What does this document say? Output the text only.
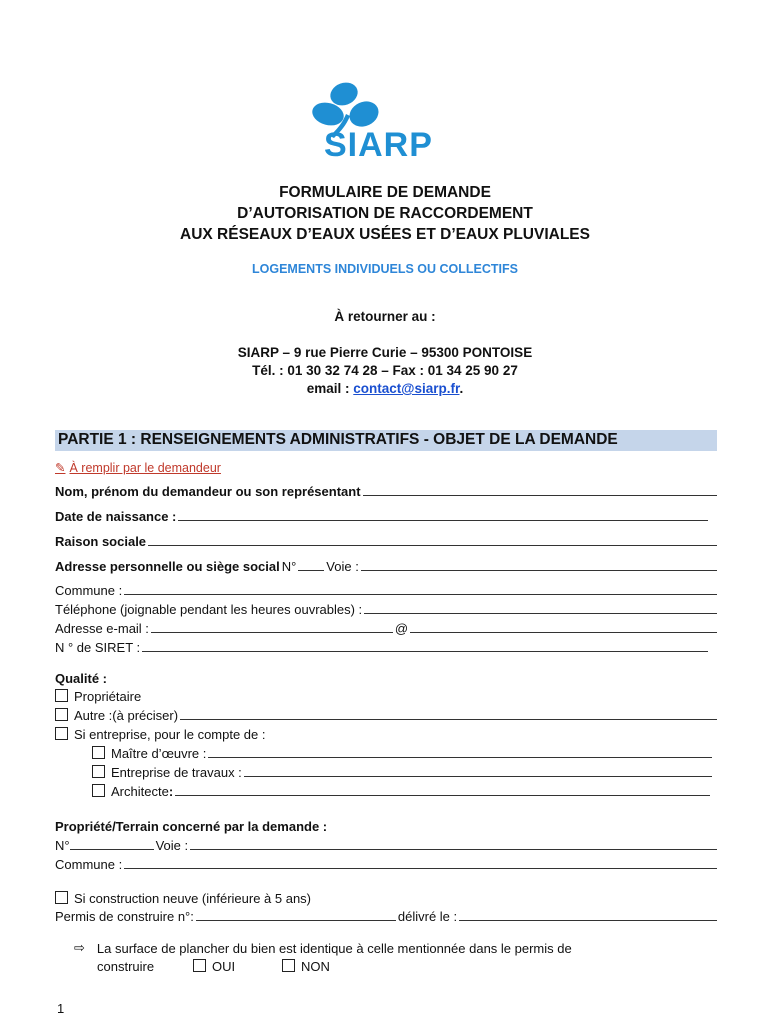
SIARP
FORMULAIRE DE DEMANDE
D’AUTORISATION DE RACCORDEMENT
AUX RÉSEAUX D’EAUX USÉES ET D’EAUX PLUVIALES
LOGEMENTS INDIVIDUELS OU COLLECTIFS
À retourner au :
SIARP – 9 rue Pierre Curie – 95300 PONTOISE
Tél. : 01 30 32 74 28 – Fax : 01 34 25 90 27
email : contact@siarp.fr.
PARTIE 1 : RENSEIGNEMENTS ADMINISTRATIFS - OBJET DE LA DEMANDE
✎ À remplir par le demandeur
Nom, prénom du demandeur ou son représentant
Date de naissance :
Raison sociale
Adresse personnelle ou siège social N° Voie :
Commune :
Téléphone (joignable pendant les heures ouvrables) :
Adresse e-mail :	@
N ° de SIRET :
Qualité :
Propriétaire
Autre :(à préciser)
Si entreprise, pour le compte de :
Maître d’œuvre :
Entreprise de travaux :
Architecte :
Propriété/Terrain concerné par la demande :
N°	Voie :
Commune :
Si construction neuve (inférieure à 5 ans)
Permis de construire n°:	délivré le :
⇨ La surface de plancher du bien est identique à celle mentionnée dans le permis de
construire	OUI	NON
1
